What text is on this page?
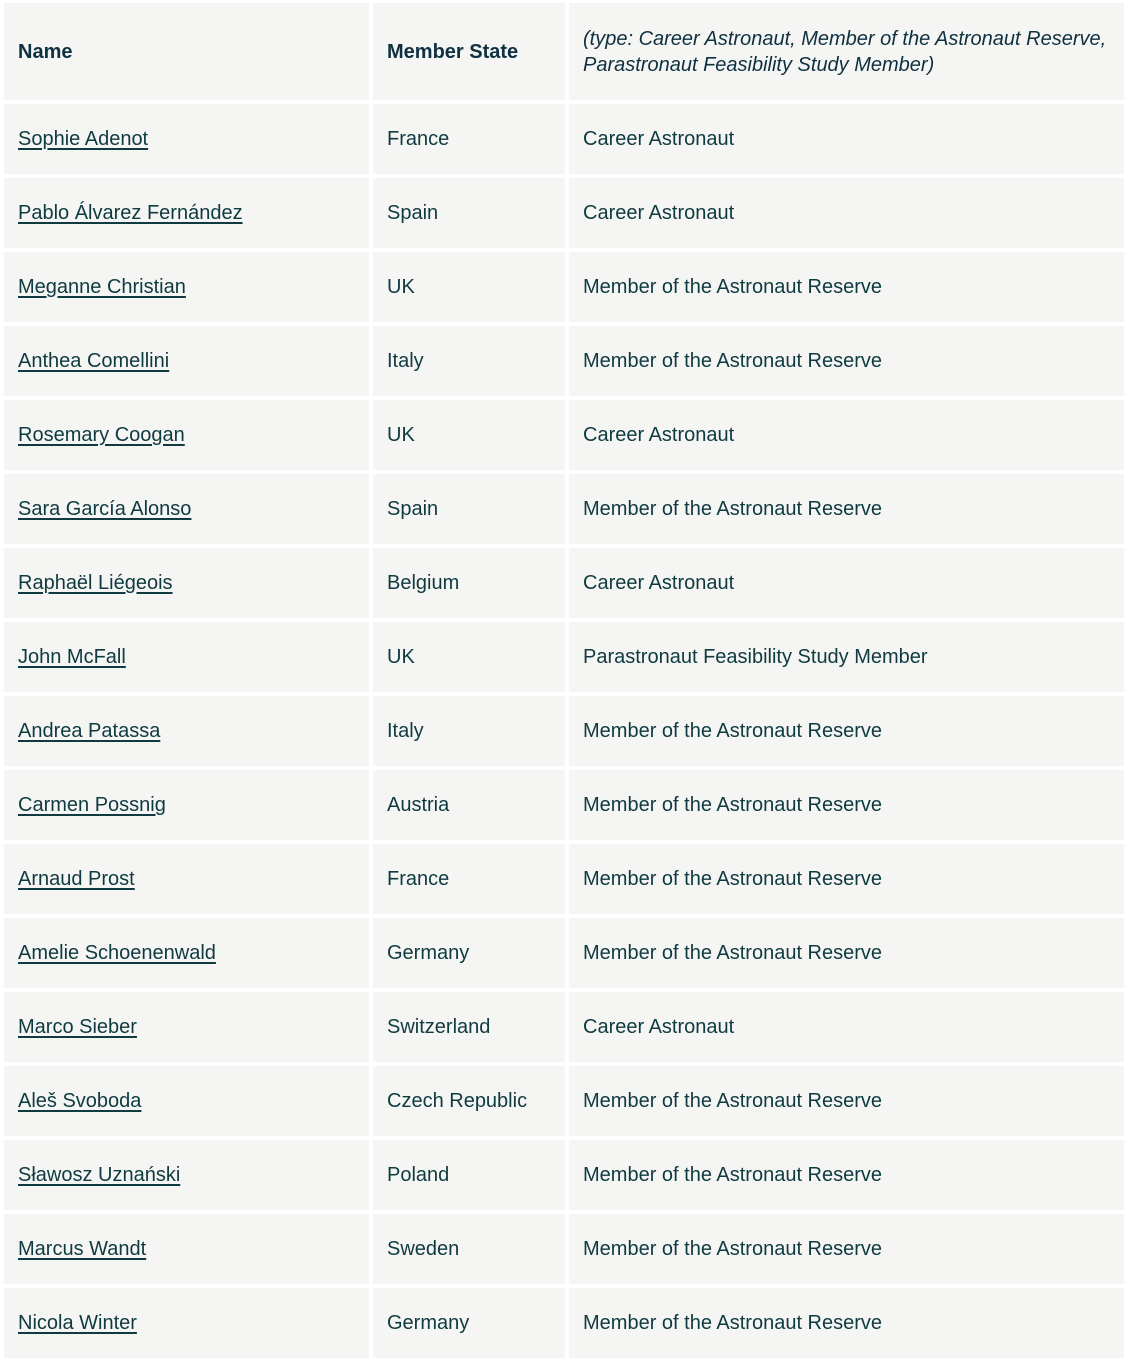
Name	Member State	(type: Career Astronaut, Member of the Astronaut Reserve, Parastronaut Feasibility Study Member)
Sophie Adenot	France	Career Astronaut
Pablo Álvarez Fernández	Spain	Career Astronaut
Meganne Christian	UK	Member of the Astronaut Reserve
Anthea Comellini	Italy	Member of the Astronaut Reserve
Rosemary Coogan	UK	Career Astronaut
Sara García Alonso	Spain	Member of the Astronaut Reserve
Raphaël Liégeois	Belgium	Career Astronaut
John McFall	UK	Parastronaut Feasibility Study Member
Andrea Patassa	Italy	Member of the Astronaut Reserve
Carmen Possnig	Austria	Member of the Astronaut Reserve
Arnaud Prost	France	Member of the Astronaut Reserve
Amelie Schoenenwald	Germany	Member of the Astronaut Reserve
Marco Sieber	Switzerland	Career Astronaut
Aleš Svoboda	Czech Republic	Member of the Astronaut Reserve
Sławosz Uznański	Poland	Member of the Astronaut Reserve
Marcus Wandt	Sweden	Member of the Astronaut Reserve
Nicola Winter	Germany	Member of the Astronaut Reserve
